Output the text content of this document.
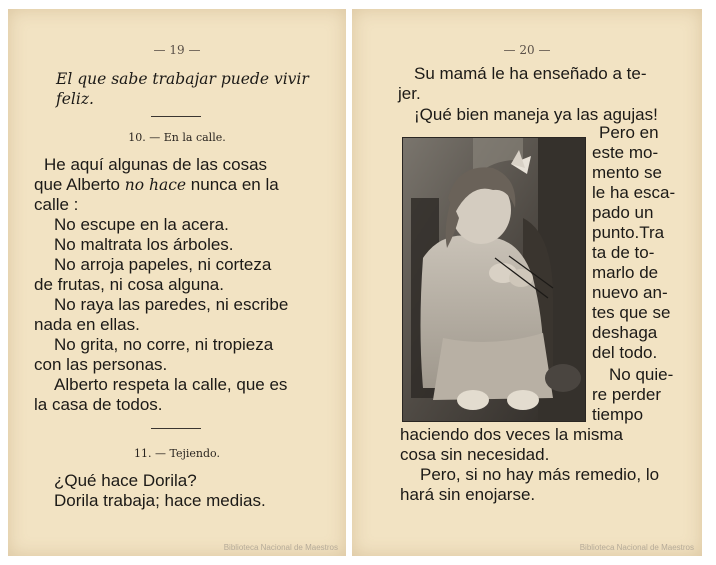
— 19 —
El que sabe trabajar puede vivir
feliz.
10. — En la calle.
He aquí algunas de las cosas
que Alberto no hace nunca en la
calle :
No escupe en la acera.
No maltrata los árboles.
No arroja papeles, ni corteza
de frutas, ni cosa alguna.
No raya las paredes, ni escribe
nada en ellas.
No grita, no corre, ni tropieza
con las personas.
Alberto respeta la calle, que es
la casa de todos.
11. — Tejiendo.
¿Qué hace Dorila?
Dorila trabaja; hace medias.
Biblioteca Nacional de Maestros
— 20 —
Su mamá le ha enseñado a te-
jer.
¡Qué bien maneja ya las agujas!
Pero en
este mo-
mento se
le ha esca-
pado un
punto.Tra
ta de to-
marlo de
nuevo an-
tes que se
deshaga
del todo.
No quie-
re perder
tiempo
haciendo dos veces la misma
cosa sin necesidad.
Pero, si no hay más remedio, lo
hará sin enojarse.
Biblioteca Nacional de Maestros
